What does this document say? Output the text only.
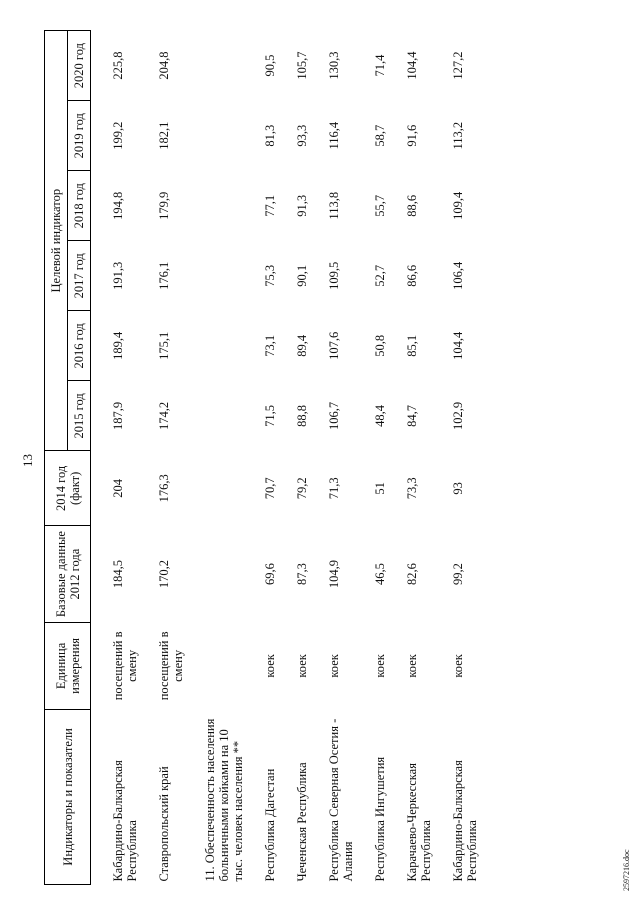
13
Индикаторы и показатели	Единица измерения	Базовые данные 2012 года	2014 год (факт)	Целевой индикатор					
				2015 год	2016 год	2017 год	2018 год	2019 год	2020 год
Кабардино-Балкарская Республика	посещений в смену	184,5	204	187,9	189,4	191,3	194,8	199,2	225,8
Ставропольский край	посещений в смену	170,2	176,3	174,2	175,1	176,1	179,9	182,1	204,8
11. Обеспеченность населения больничными койками на 10 тыс. человек населения **									
Республика Дагестан	коек	69,6	70,7	71,5	73,1	75,3	77,1	81,3	90,5
Чеченская Республика	коек	87,3	79,2	88,8	89,4	90,1	91,3	93,3	105,7
Республика Северная Осетия - Алания	коек	104,9	71,3	106,7	107,6	109,5	113,8	116,4	130,3
Республика Ингушетия	коек	46,5	51	48,4	50,8	52,7	55,7	58,7	71,4
Карачаево-Черкесская Республика	коек	82,6	73,3	84,7	85,1	86,6	88,6	91,6	104,4
Кабардино-Балкарская Республика	коек	99,2	93	102,9	104,4	106,4	109,4	113,2	127,2
2597216.doc
